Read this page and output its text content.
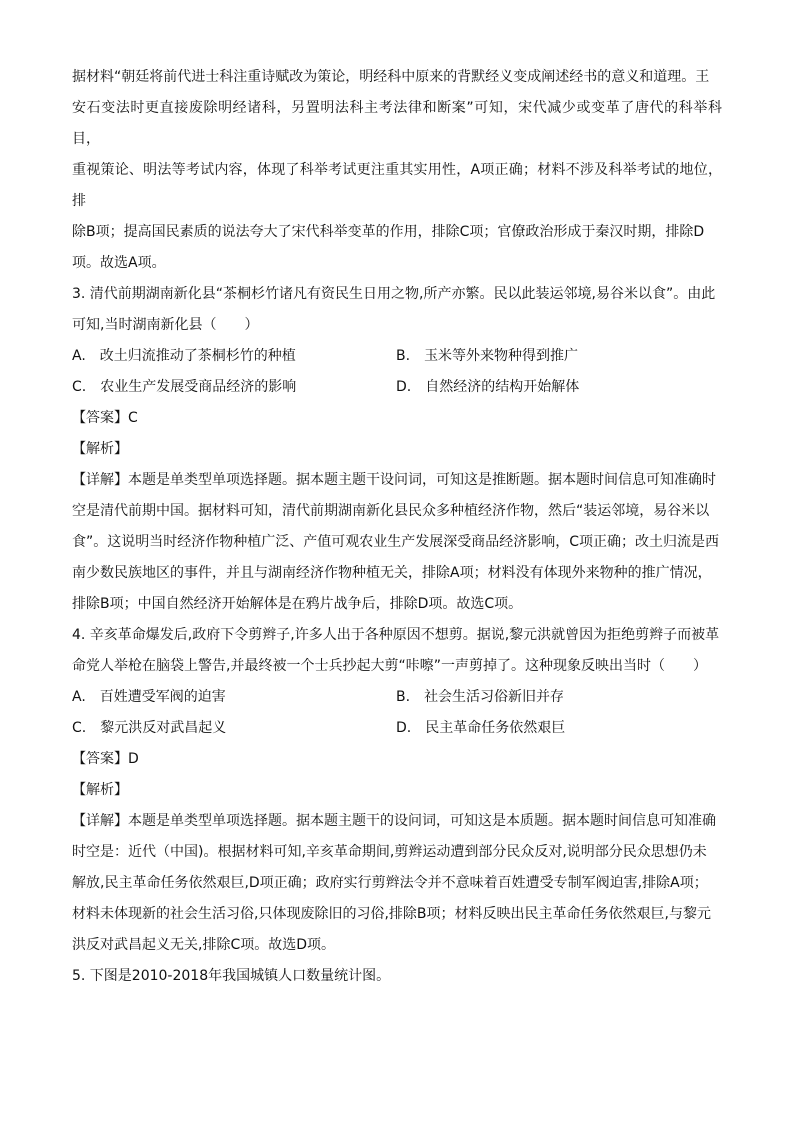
据材料“朝廷将前代进士科注重诗赋改为策论，明经科中原来的背默经义变成阐述经书的意义和道理。王
安石变法时更直接废除明经诸科，另置明法科主考法律和断案”可知，宋代减少或变革了唐代的科举科目，
重视策论、明法等考试内容，体现了科举考试更注重其实用性，A项正确；材料不涉及科举考试的地位，排
除B项；提高国民素质的说法夸大了宋代科举变革的作用，排除C项；官僚政治形成于秦汉时期，排除D
项。故选A项。
3. 清代前期湖南新化县“茶桐杉竹诸凡有资民生日用之物,所产亦繁。民以此装运邻境,易谷米以食”。由此
可知,当时湖南新化县（　　）
A. 改土归流推动了茶桐杉竹的种植	B. 玉米等外来物种得到推广
C. 农业生产发展受商品经济的影响	D. 自然经济的结构开始解体
【答案】C
【解析】
【详解】本题是单类型单项选择题。据本题主题干设问词，可知这是推断题。据本题时间信息可知准确时
空是清代前期中国。据材料可知，清代前期湖南新化县民众多种植经济作物，然后“装运邻境，易谷米以
食”。这说明当时经济作物种植广泛、产值可观农业生产发展深受商品经济影响，C项正确；改土归流是西
南少数民族地区的事件，并且与湖南经济作物种植无关，排除A项；材料没有体现外来物种的推广情况，
排除B项；中国自然经济开始解体是在鸦片战争后，排除D项。故选C项。
4. 辛亥革命爆发后,政府下令剪辫子,许多人出于各种原因不想剪。据说,黎元洪就曾因为拒绝剪辫子而被革
命党人举枪在脑袋上警告,并最终被一个士兵抄起大剪“咔嚓”一声剪掉了。这种现象反映出当时（　　）
A. 百姓遭受军阀的迫害	B. 社会生活习俗新旧并存
C. 黎元洪反对武昌起义	D. 民主革命任务依然艰巨
【答案】D
【解析】
【详解】本题是单类型单项选择题。据本题主题干的设问词，可知这是本质题。据本题时间信息可知准确
时空是：近代（中国)。根据材料可知,辛亥革命期间,剪辫运动遭到部分民众反对,说明部分民众思想仍未
解放,民主革命任务依然艰巨,D项正确；政府实行剪辫法令并不意味着百姓遭受专制军阀迫害,排除A项；
材料未体现新的社会生活习俗,只体现废除旧的习俗,排除B项；材料反映出民主革命任务依然艰巨,与黎元
洪反对武昌起义无关,排除C项。故选D项。
5. 下图是2010-2018年我国城镇人口数量统计图。
